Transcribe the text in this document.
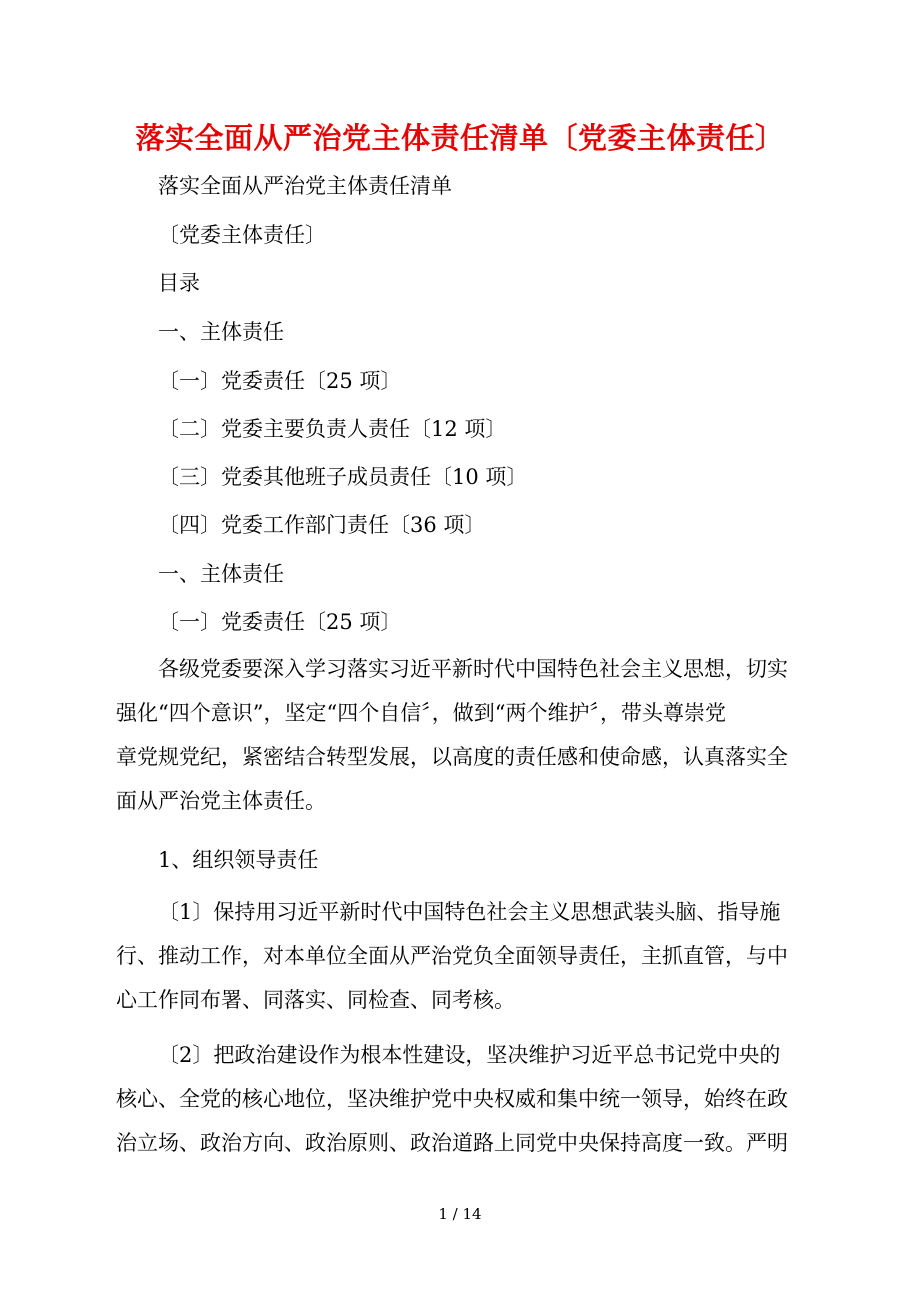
落实全面从严治党主体责任清单〔党委主体责任〕

落实全面从严治党主体责任清单

〔党委主体责任〕

目录

一、主体责任

〔一〕党委责任〔25 项〕

〔二〕党委主要负责人责任〔12 项〕

〔三〕党委其他班子成员责任〔10 项〕

〔四〕党委工作部门责任〔36 项〕

一、主体责任

〔一〕党委责任〔25 项〕

各级党委要深入学习落实习近平新时代中国特色社会主义思想，切实
强化“四个意识”，坚定“四个自信〞，做到“两个维护〞，带头尊崇党
章党规党纪，紧密结合转型发展，以高度的责任感和使命感，认真落实全
面从严治党主体责任。

1、组织领导责任

〔1〕保持用习近平新时代中国特色社会主义思想武装头脑、指导施
行、推动工作，对本单位全面从严治党负全面领导责任，主抓直管，与中
心工作同布署、同落实、同检查、同考核。
〔2〕把政治建设作为根本性建设，坚决维护习近平总书记党中央的
核心、全党的核心地位，坚决维护党中央权威和集中统一领导，始终在政
治立场、政治方向、政治原则、政治道路上同党中央保持高度一致。严明

1 / 14
